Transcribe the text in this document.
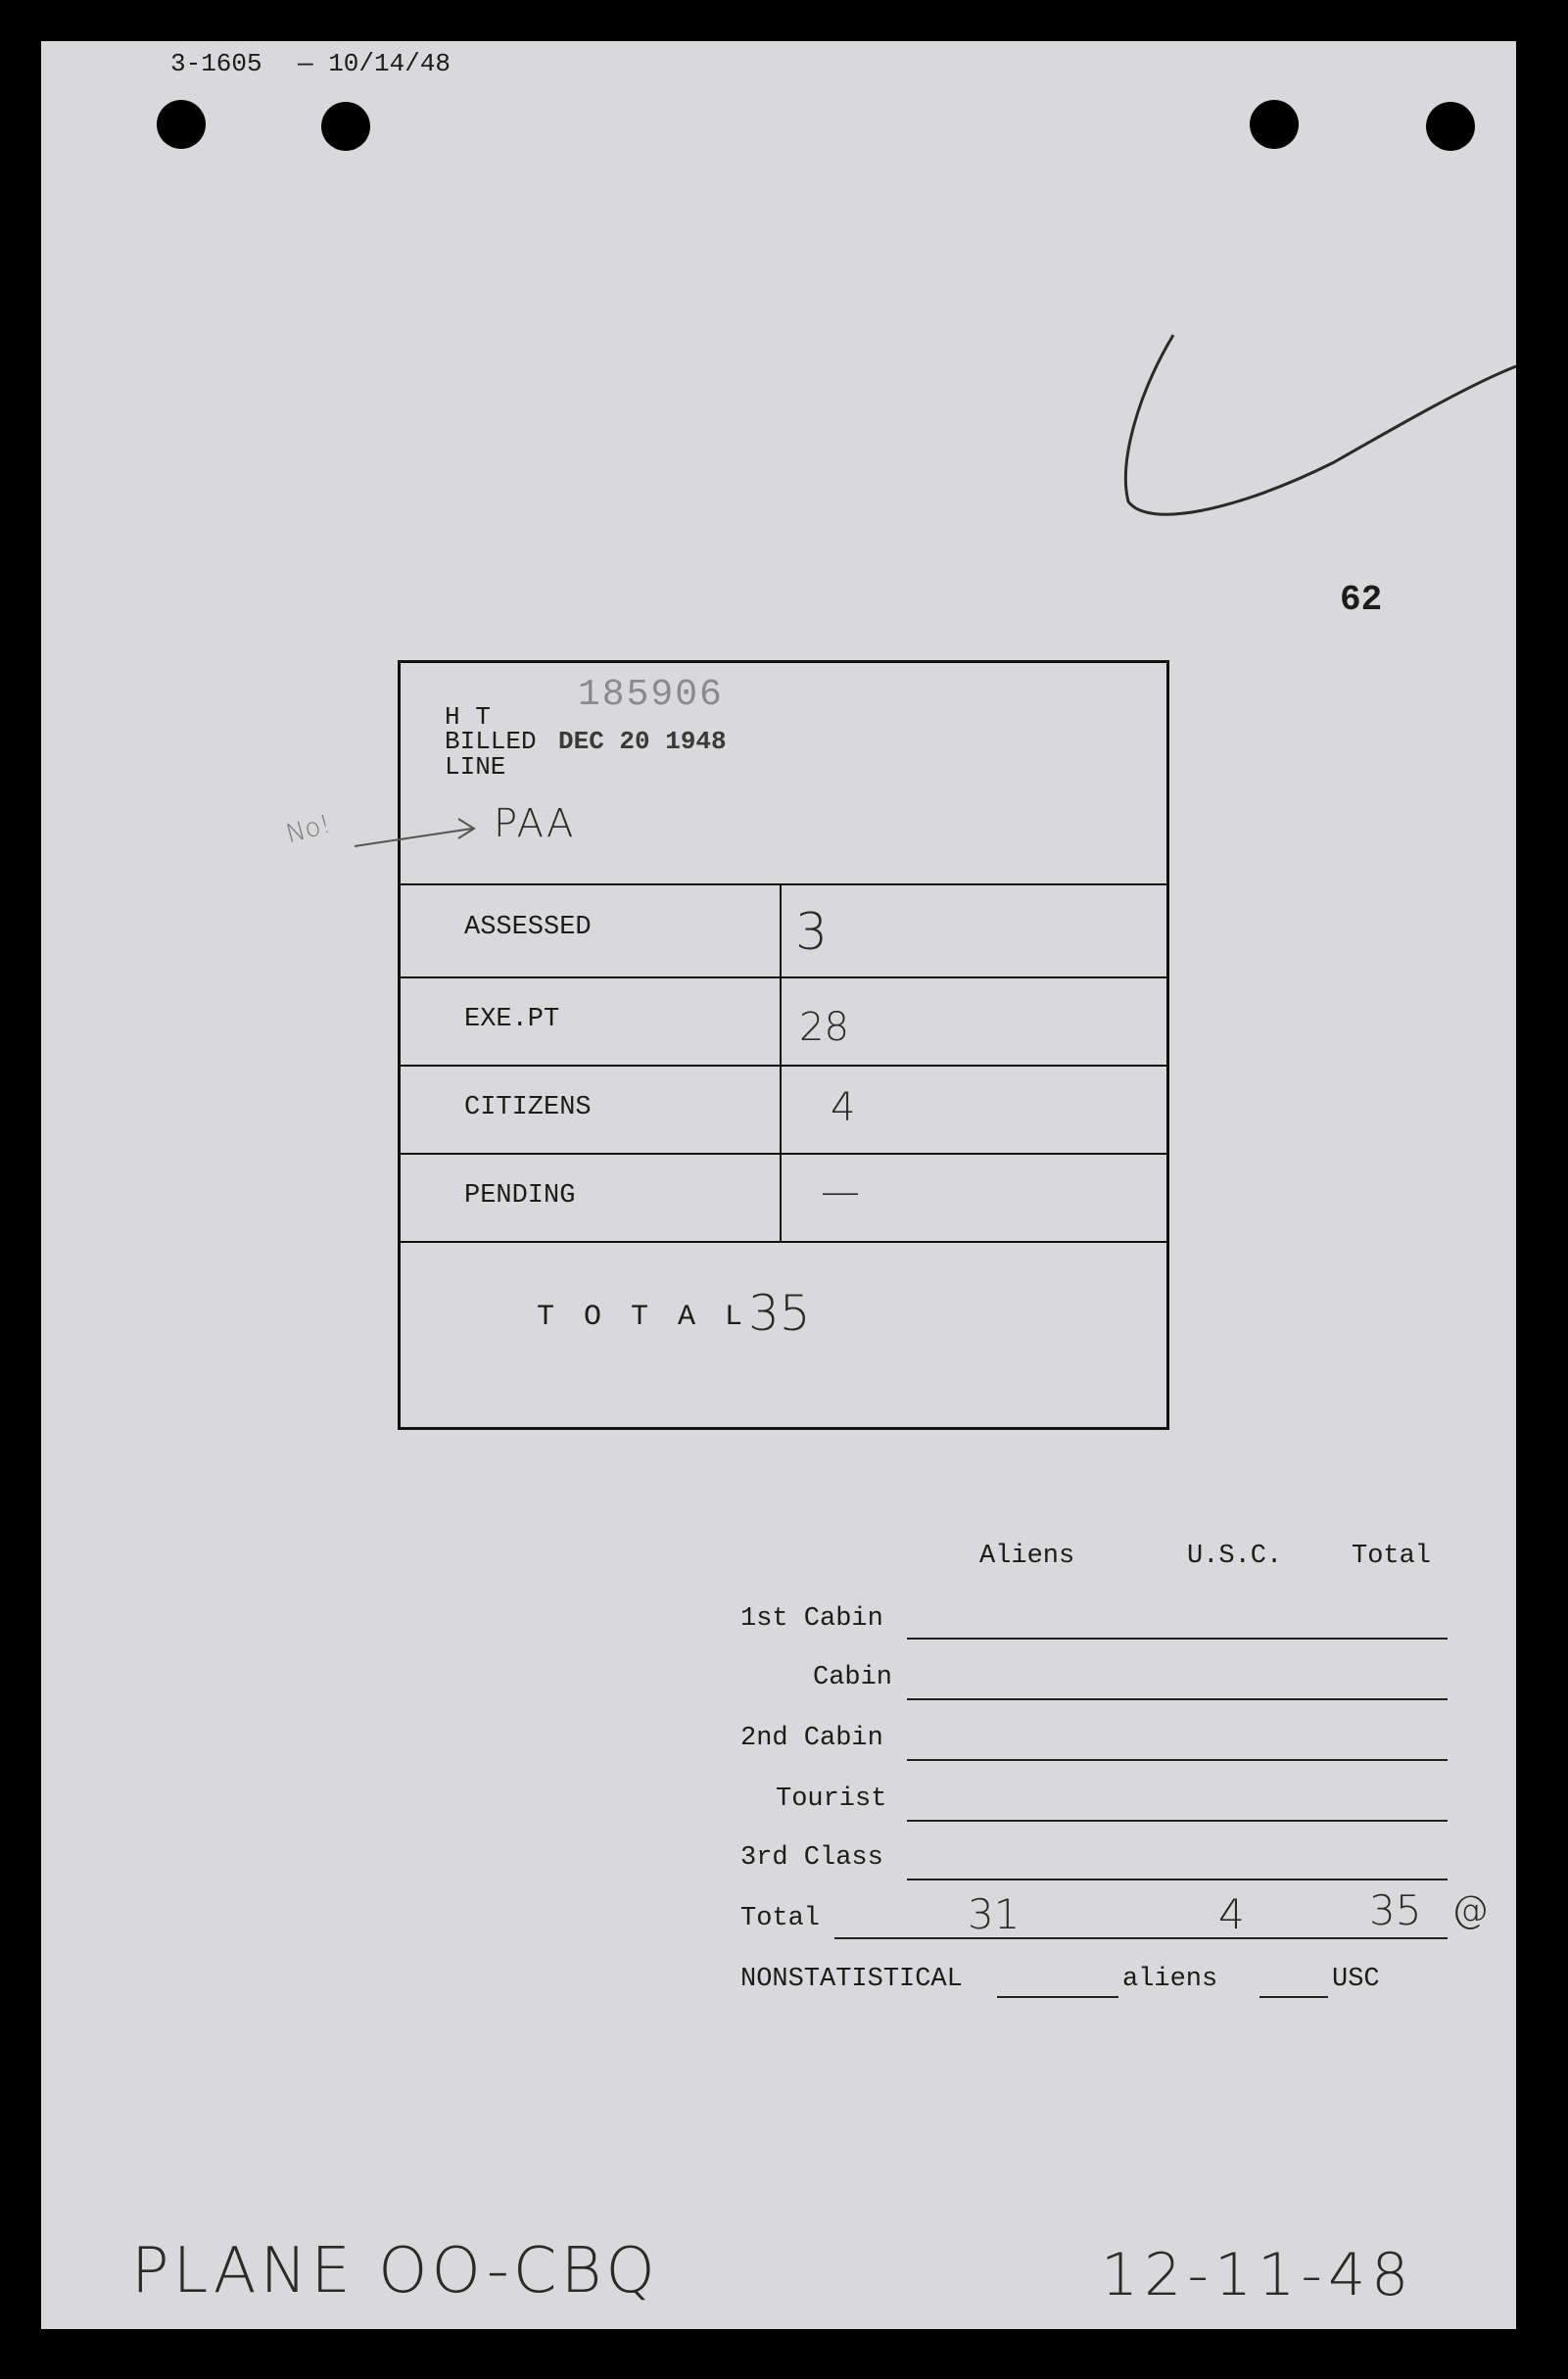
3-1605 — 10/14/48
62
H T
185906
BILLED DEC 20 1948
LINE
No!	PAA
ASSESSED	3
EXE.PT	28
CITIZENS	4
PENDING	—
T O T A L 35
Aliens	U.S.C.	Total
1st Cabin
Cabin
2nd Cabin
Tourist
3rd Class
Total	31	4	35 @
NONSTATISTICAL	aliens	USC
PLANE OO-CBQ	12-11-48
